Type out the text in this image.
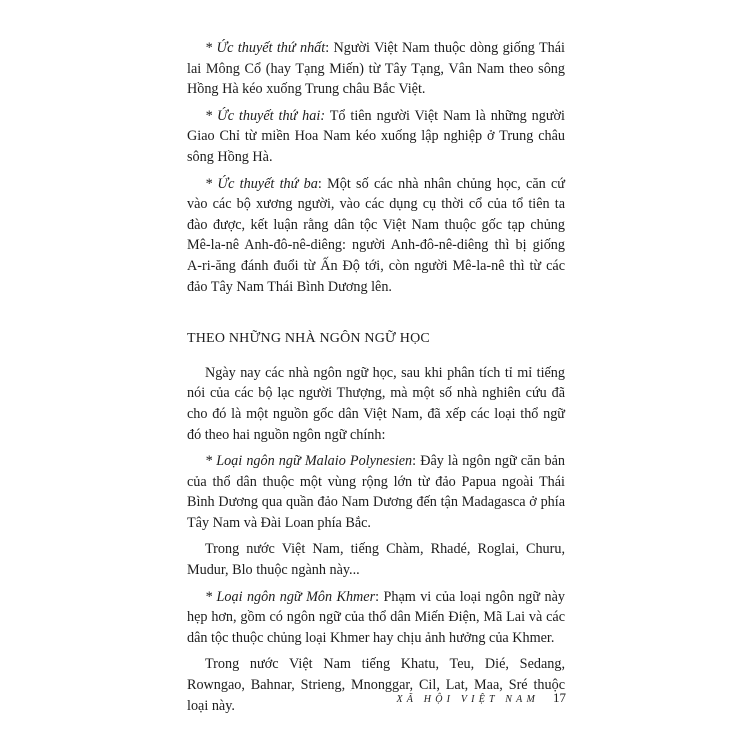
* Ức thuyết thứ nhất: Người Việt Nam thuộc dòng giống Thái lai Mông Cổ (hay Tạng Miến) từ Tây Tạng, Vân Nam theo sông Hồng Hà kéo xuống Trung châu Bắc Việt.

* Ức thuyết thứ hai: Tổ tiên người Việt Nam là những người Giao Chỉ từ miền Hoa Nam kéo xuống lập nghiệp ở Trung châu sông Hồng Hà.

* Ức thuyết thứ ba: Một số các nhà nhân chủng học, căn cứ vào các bộ xương người, vào các dụng cụ thời cổ của tổ tiên ta đào được, kết luận rằng dân tộc Việt Nam thuộc gốc tạp chủng Mê-la-nê Anh-đô-nê-diêng: người Anh-đô-nê-diêng thì bị giống A-ri-ăng đánh đuổi từ Ấn Độ tới, còn người Mê-la-nê thì từ các đảo Tây Nam Thái Bình Dương lên.

THEO NHỮNG NHÀ NGÔN NGỮ HỌC

Ngày nay các nhà ngôn ngữ học, sau khi phân tích tỉ mỉ tiếng nói của các bộ lạc người Thượng, mà một số nhà nghiên cứu đã cho đó là một nguồn gốc dân Việt Nam, đã xếp các loại thổ ngữ đó theo hai nguồn ngôn ngữ chính:

* Loại ngôn ngữ Malaio Polynesien: Đây là ngôn ngữ căn bản của thổ dân thuộc một vùng rộng lớn từ đảo Papua ngoài Thái Bình Dương qua quần đảo Nam Dương đến tận Madagasca ở phía Tây Nam và Đài Loan phía Bắc.

Trong nước Việt Nam, tiếng Chàm, Rhadé, Roglai, Churu, Mudur, Blo thuộc ngành này...

* Loại ngôn ngữ Môn Khmer: Phạm vi của loại ngôn ngữ này hẹp hơn, gồm có ngôn ngữ của thổ dân Miến Điện, Mã Lai và các dân tộc thuộc chủng loại Khmer hay chịu ảnh hưởng của Khmer.

Trong nước Việt Nam tiếng Khatu, Teu, Dié, Sedang, Rowngao, Bahnar, Strieng, Mnonggar, Cil, Lat, Maa, Sré thuộc loại này.	XÃ HỘI VIỆT NAM 17
